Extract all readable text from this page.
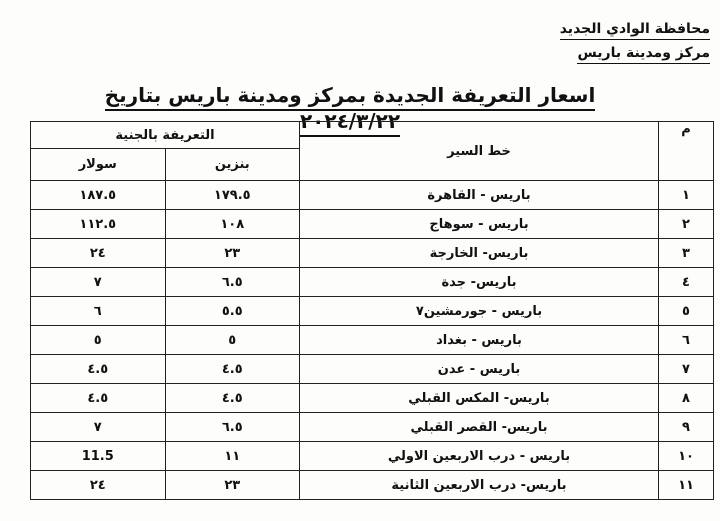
محافظة الوادي الجديد
مركز ومدينة باريس
اسعار التعريفة الجديدة بمركز ومدينة باريس بتاريخ ٢٠٢٤/٣/٢٢	م	خط السير	التعريفة بالجنية	
		بنزين	سولار
١	باريس - القاهرة	١٧٩.٥	١٨٧.٥
٢	باريس - سوهاج	١٠٨	١١٢.٥
٣	باريس- الخارجة	٢٣	٢٤
٤	باريس- جدة	٦.٥	٧
٥	باريس - جورمشين٧	٥.٥	٦
٦	باريس - بغداد	٥	٥
٧	باريس - عدن	٤.٥	٤.٥
٨	باريس- المكس القبلي	٤.٥	٤.٥
٩	باريس- القصر القبلي	٦.٥	٧
١٠	باريس - درب الاربعين الاولي	١١	11.5
١١	باريس- درب الاربعين الثانية	٢٣	٢٤
